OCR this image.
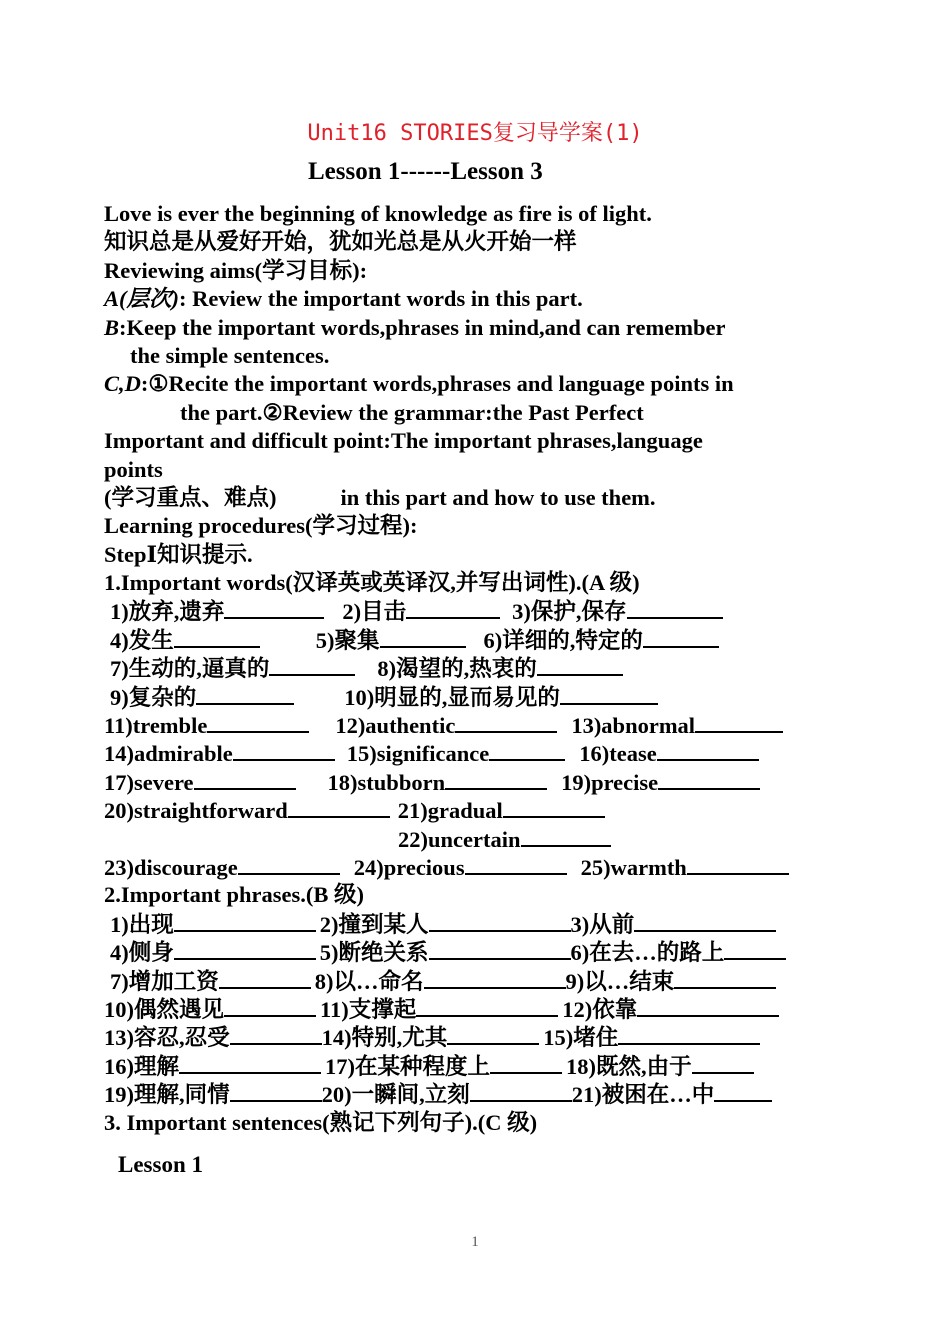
Unit16 STORIES复习导学案(1)
Lesson 1------Lesson 3
Love is ever the beginning of knowledge as fire is of light.
知识总是从爱好开始，犹如光总是从火开始一样
Reviewing aims(学习目标):
A(层次): Review the important words in this part.
B:Keep the important words,phrases in mind,and can remember
the simple sentences.
C,D:①Recite the important words,phrases and language points in
the part.②Review the grammar:the Past Perfect
Important and difficult point:The important phrases,language
points
(学习重点、难点)	in this part and how to use them.
Learning procedures(学习过程):
StepⅠ知识提示.
1.Important words(汉译英或英译汉,并写出词性).(A 级)
1)放弃,遗弃	2)目击	3)保护,保存
4)发生	5)聚集	6)详细的,特定的
7)生动的,逼真的	8)渴望的,热衷的
9)复杂的	10)明显的,显而易见的
11)tremble	12)authentic	13)abnormal
14)admirable	15)significance	16)tease
17)severe	18)stubborn	19)precise
20)straightforward	21)gradual
22)uncertain
23)discourage	24)precious	25)warmth
2.Important phrases.(B 级)
1)出现	2)撞到某人	3)从前
4)侧身	5)断绝关系	6)在去…的路上
7)增加工资	8)以…命名	9)以…结束
10)偶然遇见	11)支撑起	12)依靠
13)容忍,忍受	14)特别,尤其	15)堵住
16)理解	17)在某种程度上	18)既然,由于
19)理解,同情	20)一瞬间,立刻	21)被困在…中
3. Important sentences(熟记下列句子).(C 级)
Lesson 1
1
